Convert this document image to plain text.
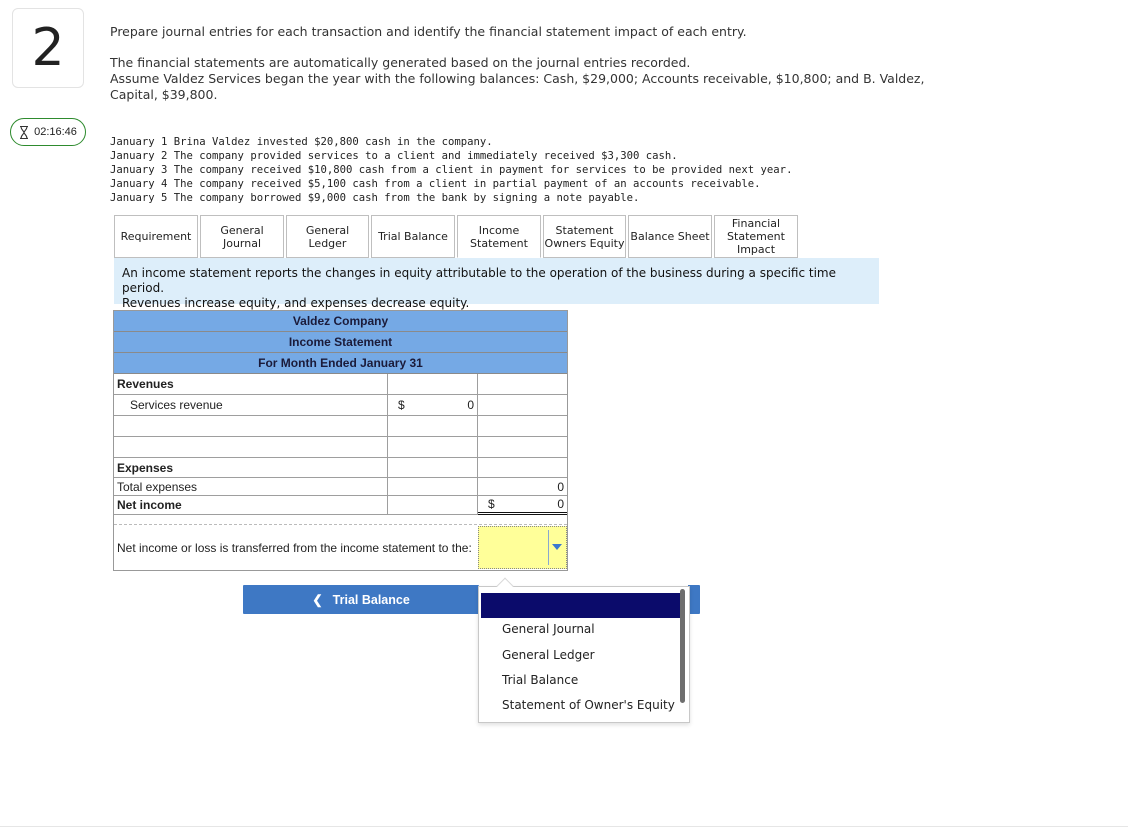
2
02:16:46

Prepare journal entries for each transaction and identify the financial statement impact of each entry.

The financial statements are automatically generated based on the journal entries recorded.

Assume Valdez Services began the year with the following balances: Cash, $29,000; Accounts receivable, $10,800; and B. Valdez,

Capital, $39,800.

January 1 Brina Valdez invested $20,800 cash in the company.
January 2 The company provided services to a client and immediately received $3,300 cash.
January 3 The company received $10,800 cash from a client in payment for services to be provided next year.
January 4 The company received $5,100 cash from a client in partial payment of an accounts receivable.
January 5 The company borrowed $9,000 cash from the bank by signing a note payable.

Requirement	General
Journal
General
Ledger	Trial Balance	Income
Statement
Statement
Owners Equity Balance Sheet
Financial
Statement
Impact
An income statement reports the changes in equity attributable to the operation of the business during a specific time period.
Revenues increase equity, and expenses decrease equity.
Valdez Company
Income Statement
For Month Ended January 31
Revenues
Services revenue	$	0
Expenses
Total expenses	0
Net income	$	0
Net income or loss is transferred from the income statement to the:
❮ Trial Balance
General Journal
General Ledger
Trial Balance
Statement of Owner's Equity
